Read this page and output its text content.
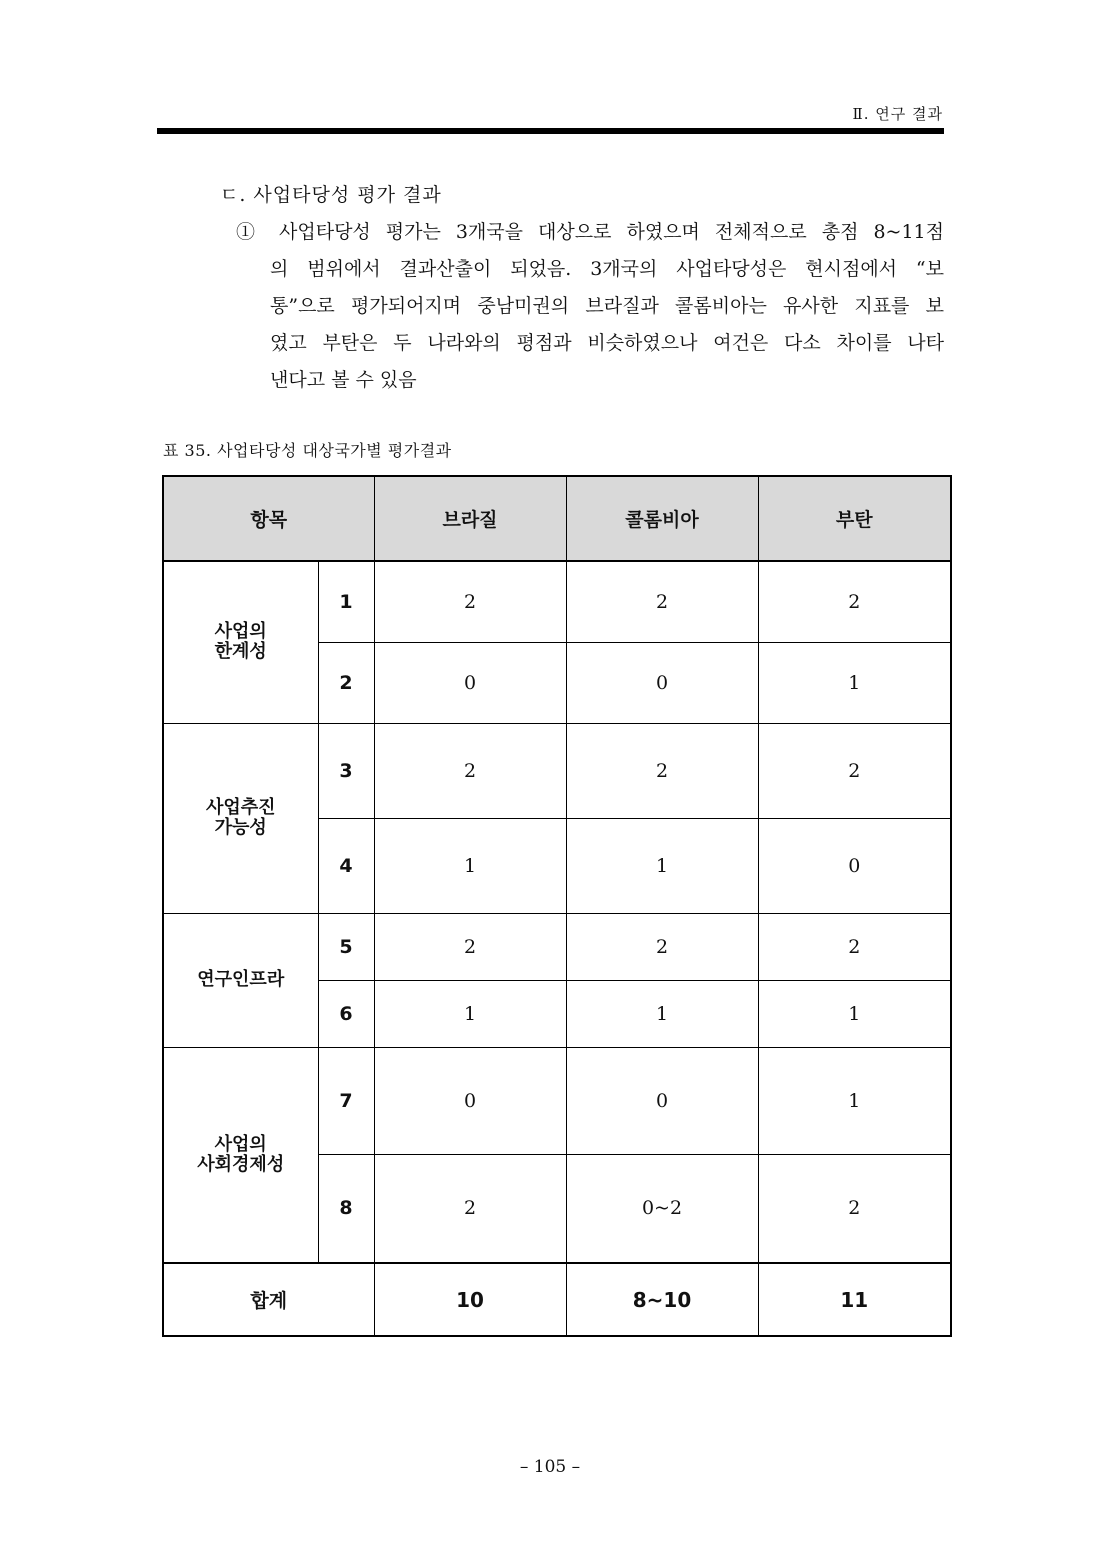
Ⅱ. 연구 결과
ㄷ. 사업타당성 평가 결과
① 사업타당성 평가는 3개국을 대상으로 하였으며 전체적으로 총점 8~11점
의 범위에서 결과산출이 되었음. 3개국의 사업타당성은 현시점에서 “보
통”으로 평가되어지며 중남미권의 브라질과 콜롬비아는 유사한 지표를 보
였고 부탄은 두 나라와의 평점과 비슷하였으나 여건은 다소 차이를 나타
낸다고 볼 수 있음
표 35. 사업타당성 대상국가별 평가결과
항목		브라질	콜롬비아	부탄

사업의
한계성	1	2	2	2
	2	0	0	1

사업추진
가능성	3	2	2	2
	4	1	1	0

연구인프라	5	2	2	2
	6	1	1	1

사업의
사회경제성	7	0	0	1
	8	2	0~2	2
합계		10	8~10	11
– 105 –
